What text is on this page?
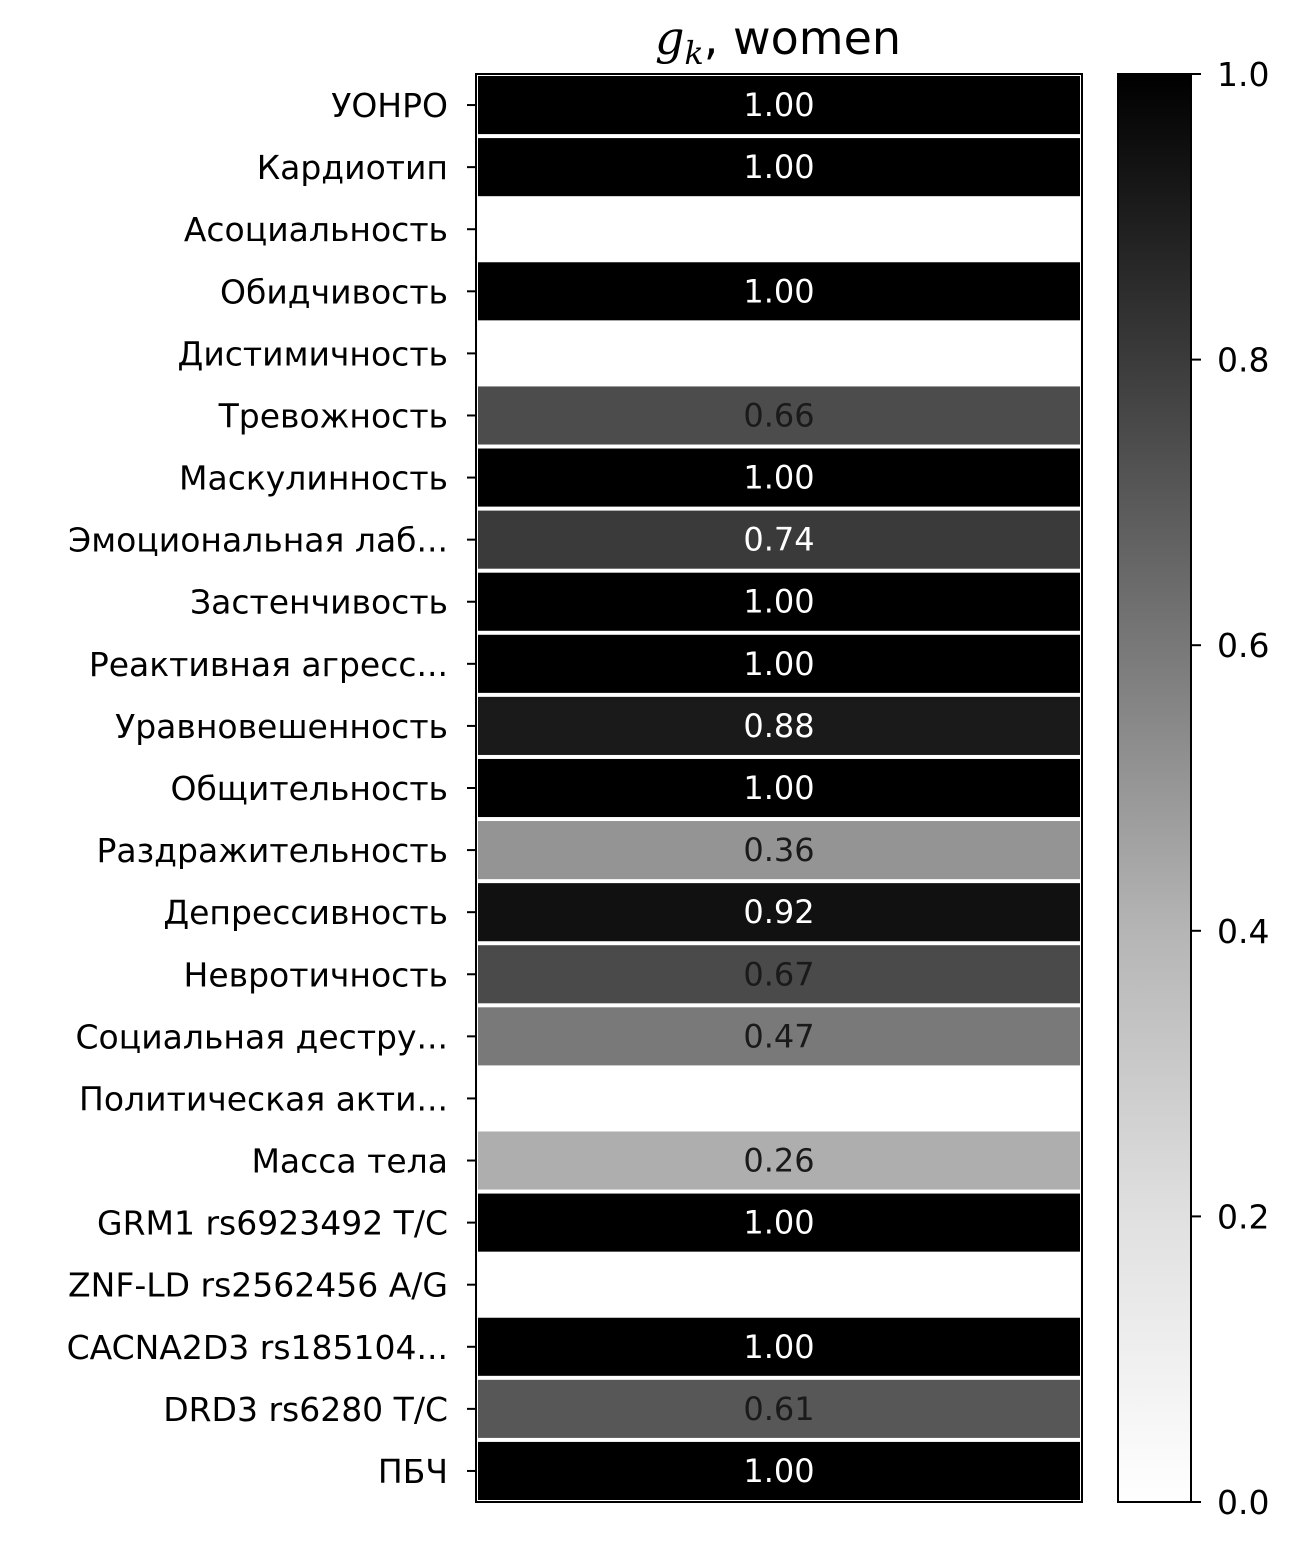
$g_k$, women
1.00
1.00
1.00
0.66
1.00
0.74
1.00
1.00
0.88
1.00
0.36
0.92
0.67
0.47
0.26
1.00
1.00
0.61
1.00
УОНРО
Кардиотип
Асоциальность
Обидчивость
Дистимичность
Тревожность
Маскулинность
Эмоциональная лаб...
Застенчивость
Реактивная агресс...
Уравновешенность
Общительность
Раздражительность
Депрессивность
Невротичность
Социальная дестру...
Политическая акти...
Масса тела
GRM1 rs6923492 T/C
ZNF-LD rs2562456 A/G
CACNA2D3 rs185104...
DRD3 rs6280 T/C
ПБЧ
0.0
0.2
0.4
0.6
0.8
1.0
